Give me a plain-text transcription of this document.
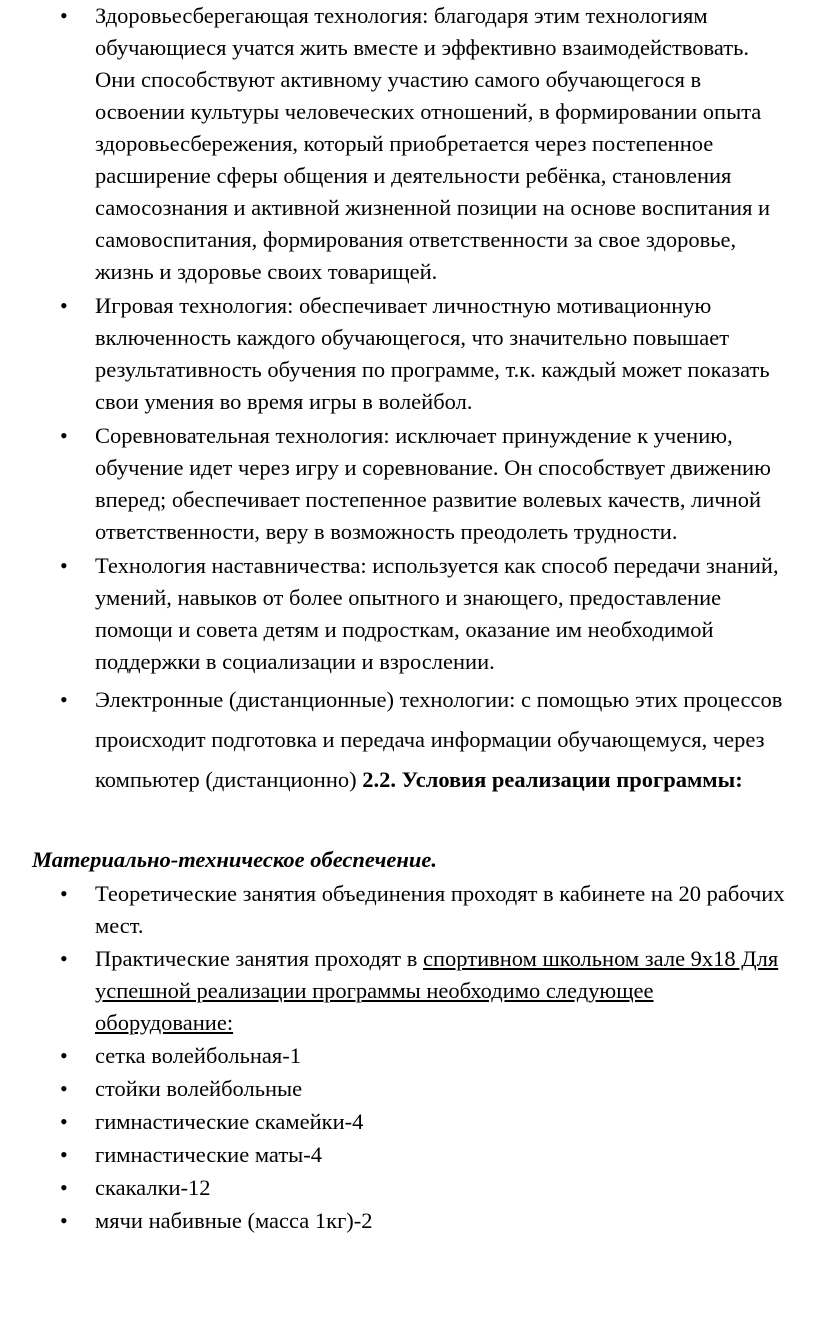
• Здоровьесберегающая технология: благодаря этим технологиям обучающиеся учатся жить вместе и эффективно взаимодействовать. Они способствуют активному участию самого обучающегося в освоении культуры человеческих отношений, в формировании опыта здоровьесбережения, который приобретается через постепенное расширение сферы общения и деятельности ребёнка, становления самосознания и активной жизненной позиции на основе воспитания и самовоспитания, формирования ответственности за свое здоровье, жизнь и здоровье своих товарищей.
• Игровая технология: обеспечивает личностную мотивационную включенность каждого обучающегося, что значительно повышает результативность обучения по программе, т.к. каждый может показать свои умения во время игры в волейбол.
• Соревновательная технология: исключает принуждение к учению, обучение идет через игру и соревнование. Он способствует движению вперед; обеспечивает постепенное развитие волевых качеств, личной ответственности, веру в возможность преодолеть трудности.
• Технология наставничества: используется как способ передачи знаний, умений, навыков от более опытного и знающего, предоставление помощи и совета детям и подросткам, оказание им необходимой поддержки в социализации и взрослении.
• Электронные (дистанционные) технологии: с помощью этих процессов происходит подготовка и передача информации обучающемуся, через компьютер (дистанционно) 2.2. Условия реализации программы:
Материально-техническое обеспечение.
• Теоретические занятия объединения проходят в кабинете на 20 рабочих мест.
• Практические занятия проходят в спортивном школьном зале 9х18 Для успешной реализации программы необходимо следующее оборудование:
• сетка волейбольная-1
• стойки волейбольные
• гимнастические скамейки-4
• гимнастические маты-4
• скакалки-12
• мячи набивные (масса 1кг)-2
